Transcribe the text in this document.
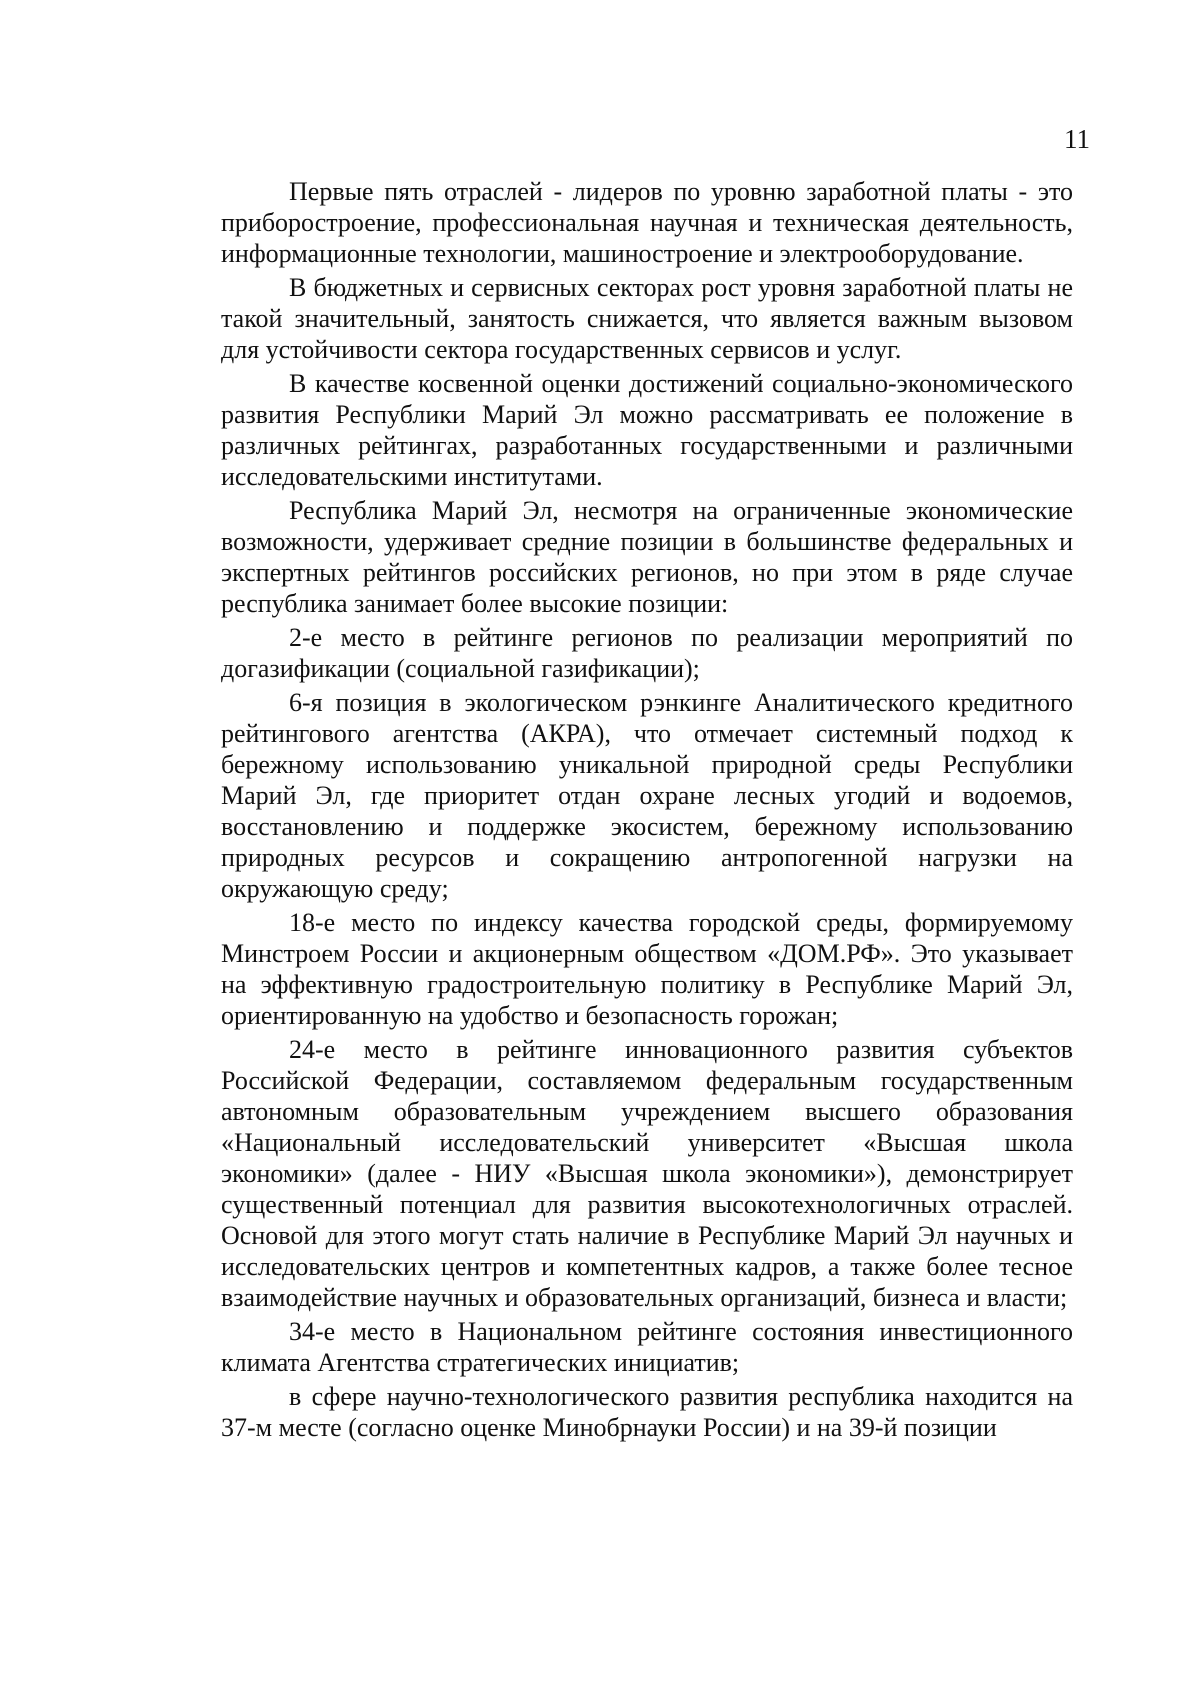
11

Первые пять отраслей - лидеров по уровню заработной платы - это приборостроение, профессиональная научная и техническая деятельность, информационные технологии, машиностроение и электрооборудование.

В бюджетных и сервисных секторах рост уровня заработной платы не такой значительный, занятость снижается, что является важным вызовом для устойчивости сектора государственных сервисов и услуг.

В качестве косвенной оценки достижений социально-экономического развития Республики Марий Эл можно рассматривать ее положение в различных рейтингах, разработанных государственными и различными исследовательскими институтами.

Республика Марий Эл, несмотря на ограниченные экономические возможности, удерживает средние позиции в большинстве федеральных и экспертных рейтингов российских регионов, но при этом в ряде случае республика занимает более высокие позиции:

2-е место в рейтинге регионов по реализации мероприятий по догазификации (социальной газификации);

6-я позиция в экологическом рэнкинге Аналитического кредитного рейтингового агентства (АКРА), что отмечает системный подход к бережному использованию уникальной природной среды Республики Марий Эл, где приоритет отдан охране лесных угодий и водоемов, восстановлению и поддержке экосистем, бережному использованию природных ресурсов и сокращению антропогенной нагрузки на окружающую среду;

18-е место по индексу качества городской среды, формируемому Минстроем России и акционерным обществом «ДОМ.РФ». Это указывает на эффективную градостроительную политику в Республике Марий Эл, ориентированную на удобство и безопасность горожан;

24-е место в рейтинге инновационного развития субъектов Российской Федерации, составляемом федеральным государственным автономным образовательным учреждением высшего образования «Национальный исследовательский университет «Высшая школа экономики» (далее - НИУ «Высшая школа экономики»), демонстрирует существенный потенциал для развития высокотехнологичных отраслей. Основой для этого могут стать наличие в Республике Марий Эл научных и исследовательских центров и компетентных кадров, а также более тесное взаимодействие научных и образовательных организаций, бизнеса и власти;

34-е место в Национальном рейтинге состояния инвестиционного климата Агентства стратегических инициатив;

в сфере научно-технологического развития республика находится на 37-м месте (согласно оценке Минобрнауки России) и на 39-й позиции
